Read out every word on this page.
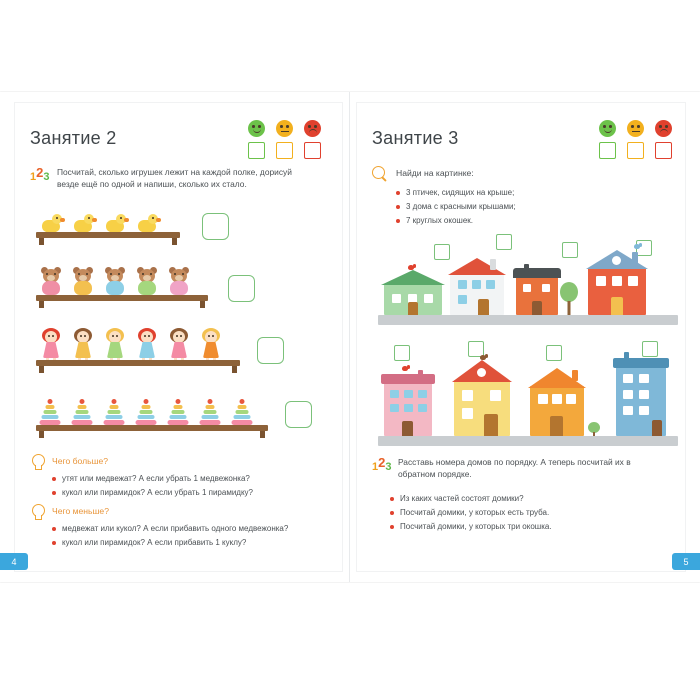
Занятие 2
123 Посчитай, сколько игрушек лежит на каждой полке, дорисуй везде ещё по одной и напиши, сколько их стало.
Чего больше?
утят или медвежат? А если убрать 1 медвежонка?
кукол или пирамидок? А если убрать 1 пирамидку?
Чего меньше?
медвежат или кукол? А если прибавить одного медвежонка?
кукол или пирамидок? А если прибавить 1 куклу?
4
Занятие 3
Найди на картинке:
3 птичек, сидящих на крыше;
3 дома с красными крышами;
7 круглых окошек.
123 Расставь номера домов по порядку. А теперь посчитай их в обратном порядке.
Из каких частей состоят домики?
Посчитай домики, у которых есть труба.
Посчитай домики, у которых три окошка.
5
